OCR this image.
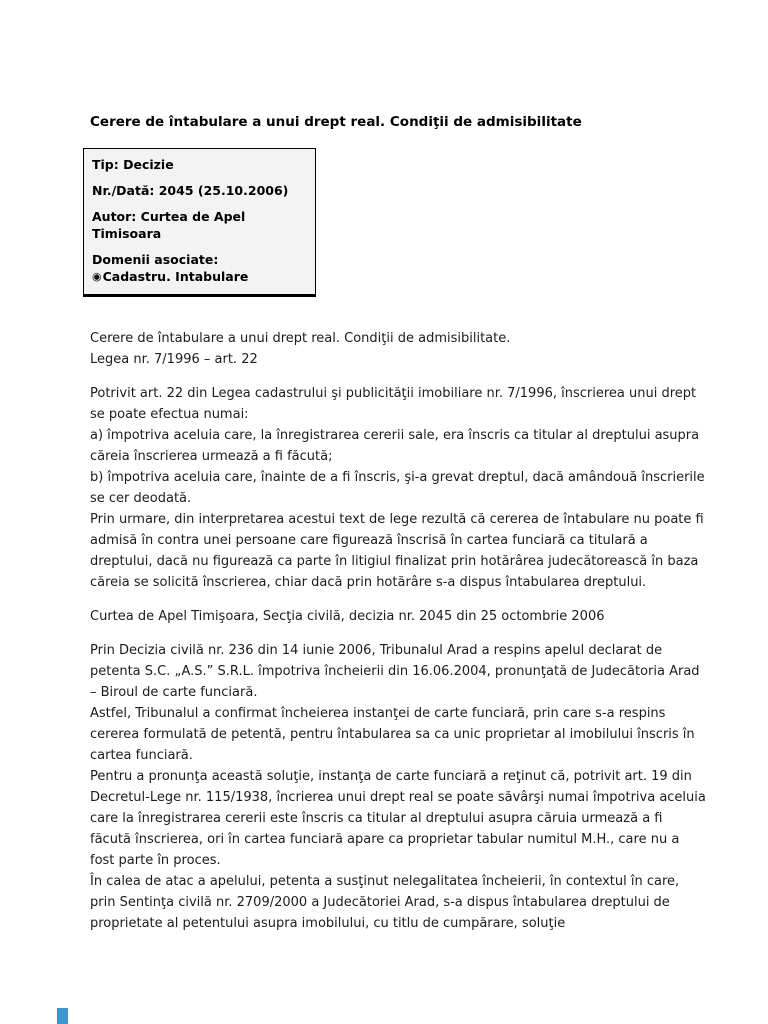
Cerere de întabulare a unui drept real. Condiţii de admisibilitate
Tip: Decizie
Nr./Dată: 2045 (25.10.2006)
Autor: Curtea de Apel Timisoara
Domenii asociate:
◉ Cadastru. Intabulare

Cerere de întabulare a unui drept real. Condiţii de admisibilitate.

Legea nr. 7/1996 – art. 22

Potrivit art. 22 din Legea cadastrului şi publicităţii imobiliare nr. 7/1996, înscrierea unui drept se poate efectua numai:

a) împotriva aceluia care, la înregistrarea cererii sale, era înscris ca titular al dreptului asupra căreia înscrierea urmează a fi făcută;

b) împotriva aceluia care, înainte de a fi înscris, şi-a grevat dreptul, dacă amândouă înscrierile se cer deodată.

Prin urmare, din interpretarea acestui text de lege rezultă că cererea de întabulare nu poate fi admisă în contra unei persoane care figurează înscrisă în cartea funciară ca titulară a dreptului, dacă nu figurează ca parte în litigiul finalizat prin hotărârea judecătorească în baza căreia se solicită înscrierea, chiar dacă prin hotărâre s-a dispus întabularea dreptului.

Curtea de Apel Timişoara, Secţia civilă, decizia nr. 2045 din 25 octombrie 2006

Prin Decizia civilă nr. 236 din 14 iunie 2006, Tribunalul Arad a respins apelul declarat de petenta S.C. „A.S.” S.R.L. împotriva încheierii din 16.06.2004, pronunţată de Judecătoria Arad – Biroul de carte funciară.

Astfel, Tribunalul a confirmat încheierea instanţei de carte funciară, prin care s-a respins cererea formulată de petentă, pentru întabularea sa ca unic proprietar al imobilului înscris în cartea funciară.

Pentru a pronunţa această soluţie, instanţa de carte funciară a reţinut că, potrivit art. 19 din Decretul-Lege nr. 115/1938, încrierea unui drept real se poate săvârşi numai împotriva aceluia care la înregistrarea cererii este înscris ca titular al dreptului asupra căruia urmează a fi făcută înscrierea, ori în cartea funciară apare ca proprietar tabular numitul M.H., care nu a fost parte în proces.

În calea de atac a apelului, petenta a susţinut nelegalitatea încheierii, în contextul în care, prin Sentinţa civilă nr. 2709/2000 a Judecătoriei Arad, s-a dispus întabularea dreptului de proprietate al petentului asupra imobilului, cu titlu de cumpărare, soluţie
